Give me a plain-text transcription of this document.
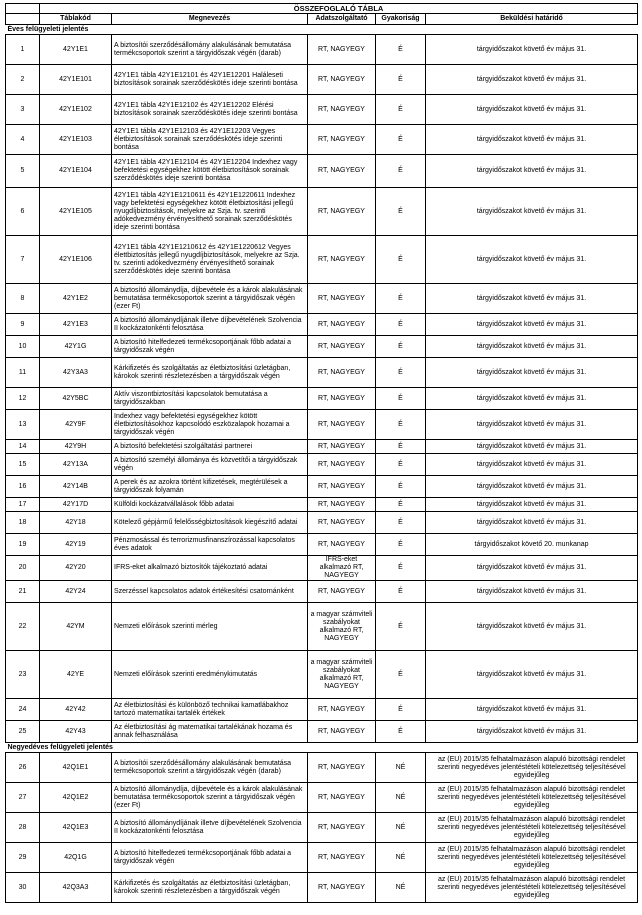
	ÖSSZEFOGLALÓ TÁBLA				
	Táblakód	Megnevezés	Adatszolgáltató	Gyakoriság	Beküldési határidő
Éves felügyeleti jelentés					
1	42Y1E1	A biztosítói szerződésállomány alakulásának bemutatása termékcsoportok szerint a tárgyidőszak végén (darab)	RT, NAGYEGY	É	tárgyidőszakot követő év május 31.
2	42Y1E101	42Y1E1 tábla 42Y1E12101 és 42Y1E12201 Haláleseti biztosítások sorainak szerződéskötés ideje szerinti bontása	RT, NAGYEGY	É	tárgyidőszakot követő év május 31.
3	42Y1E102	42Y1E1 tábla 42Y1E12102 és 42Y1E12202 Elérési biztosítások sorainak szerződéskötés ideje szerinti bontása	RT, NAGYEGY	É	tárgyidőszakot követő év május 31.
4	42Y1E103	42Y1E1 tábla 42Y1E12103 és 42Y1E12203 Vegyes életbiztosítások sorainak szerződéskötés ideje szerinti bontása	RT, NAGYEGY	É	tárgyidőszakot követő év május 31.
5	42Y1E104	42Y1E1 tábla 42Y1E12104 és 42Y1E12204 Indexhez vagy befektetési egységekhez kötött életbiztosítások sorainak szerződéskötés ideje szerinti bontása	RT, NAGYEGY	É	tárgyidőszakot követő év május 31.
6	42Y1E105	42Y1E1 tábla 42Y1E1210611 és 42Y1E1220611 Indexhez vagy befektetési egységekhez kötött életbiztosítási jellegű nyugdíjbiztosítások, melyekre az Szja. tv. szerinti adókedvezmény érvényesíthető sorainak szerződéskötés ideje szerinti bontása	RT, NAGYEGY	É	tárgyidőszakot követő év május 31.
7	42Y1E106	42Y1E1 tábla 42Y1E1210612 és 42Y1E1220612 Vegyes élettbiztosítás jellegű nyugdíjbiztosítások, melyekre az Szja. tv. szerinti adókedvezmény érvényesíthető sorainak szerződéskötés ideje szerinti bontása	RT, NAGYEGY	É	tárgyidőszakot követő év május 31.
8	42Y1E2	A biztosító állománydíja, díjbevétele és a károk alakulásának bemutatása termékcsoportok szerint a tárgyidőszak végén (ezer Ft)	RT, NAGYEGY	É	tárgyidőszakot követő év május 31.
9	42Y1E3	A biztosító állománydíjának illetve díjbevételének Szolvencia II kockázatonkénti felosztása	RT, NAGYEGY	É	tárgyidőszakot követő év május 31.
10	42Y1G	A biztosító hitelfedezeti termékcsoportjának főbb adatai a tárgyidőszak végén	RT, NAGYEGY	É	tárgyidőszakot követő év május 31.
11	42Y3A3	Kárkifizetés és szolgáltatás az életbiztosítási üzletágban, károkok szerinti részletezésben a tárgyidőszak végén	RT, NAGYEGY	É	tárgyidőszakot követő év május 31.
12	42Y5BC	Aktív viszontbiztosítási kapcsolatok bemutatása a tárgyidőszakban	RT, NAGYEGY	É	tárgyidőszakot követő év május 31.
13	42Y9F	Indexhez vagy befektetési egységekhez kötött életbiztosításokhoz kapcsolódó eszközalapok hozamai a tárgyidőszak végén	RT, NAGYEGY	É	tárgyidőszakot követő év május 31.
14	42Y9H	A biztosító befektetési szolgáltatási partnerei	RT, NAGYEGY	É	tárgyidőszakot követő év május 31.
15	42Y13A	A biztosító személyi állománya és közvetítői a tárgyidőszak végén	RT, NAGYEGY	É	tárgyidőszakot követő év május 31.
16	42Y14B	A perek és az azokra történt kifizetések, megtérülések a tárgyidőszak folyamán	RT, NAGYEGY	É	tárgyidőszakot követő év május 31.
17	42Y17D	Külföldi kockázatvállalások főbb adatai	RT, NAGYEGY	É	tárgyidőszakot követő év május 31.
18	42Y18	Kötelező gépjármű felelősségbiztosítások kiegészítő adatai	RT, NAGYEGY	É	tárgyidőszakot követő év május 31.
19	42Y19	Pénzmosással és terrorizmusfinanszírozással kapcsolatos éves adatok	RT, NAGYEGY	É	tárgyidőszakot követő 20. munkanap
20	42Y20	IFRS-eket alkalmazó biztosítók tájékoztató adatai	IFRS-eket alkalmazó RT, NAGYEGY	É	tárgyidőszakot követő év május 31.
21	42Y24	Szerzéssel kapcsolatos adatok értékesítési csatornánként	RT, NAGYEGY	É	tárgyidőszakot követő év május 31.
22	42YM	Nemzeti előírások szerinti mérleg	a magyar számviteli szabályokat alkalmazó RT, NAGYEGY	É	tárgyidőszakot követő év május 31.
23	42YE	Nemzeti előírások szerinti eredménykimutatás	a magyar számviteli szabályokat alkalmazó RT, NAGYEGY	É	tárgyidőszakot követő év május 31.
24	42Y42	Az életbiztosítási és különböző technikai kamatlábakhoz tartozó matematikai tartalék értékek	RT, NAGYEGY	É	tárgyidőszakot követő év május 31.
25	42Y43	Az életbiztosítási ág matematikai tartalékának hozama és annak felhasználása	RT, NAGYEGY	É	tárgyidőszakot követő év május 31.
Negyedéves felügyeleti jelentés					
26	42Q1E1	A biztosítói szerződésállomány alakulásának bemutatása termékcsoportok szerint a tárgyidőszak végén (darab)	RT, NAGYEGY	NÉ	az (EU) 2015/35 felhatalmazáson alapuló bizottsági rendelet szerinti negyedéves jelentéstételi kötelezettség teljesítésével egyidejűleg
27	42Q1E2	A biztosító állománydíja, díjbevétele és a károk alakulásának bemutatása termékcsoportok szerint a tárgyidőszak végén (ezer Ft)	RT, NAGYEGY	NÉ	az (EU) 2015/35 felhatalmazáson alapuló bizottsági rendelet szerinti negyedéves jelentéstételi kötelezettség teljesítésével egyidejűleg
28	42Q1E3	A biztosító állománydíjának illetve díjbevételének Szolvencia II kockázatonkénti felosztása	RT, NAGYEGY	NÉ	az (EU) 2015/35 felhatalmazáson alapuló bizottsági rendelet szerinti negyedéves jelentéstételi kötelezettség teljesítésével egyidejűleg
29	42Q1G	A biztosító hitelfedezeti termékcsoportjának főbb adatai a tárgyidőszak végén	RT, NAGYEGY	NÉ	az (EU) 2015/35 felhatalmazáson alapuló bizottsági rendelet szerinti negyedéves jelentéstételi kötelezettség teljesítésével egyidejűleg
30	42Q3A3	Kárkifizetés és szolgáltatás az életbiztosítási üzletágban, károkok szerinti részletezésben a tárgyidőszak végén	RT, NAGYEGY	NÉ	az (EU) 2015/35 felhatalmazáson alapuló bizottsági rendelet szerinti negyedéves jelentéstételi kötelezettség teljesítésével egyidejűleg
